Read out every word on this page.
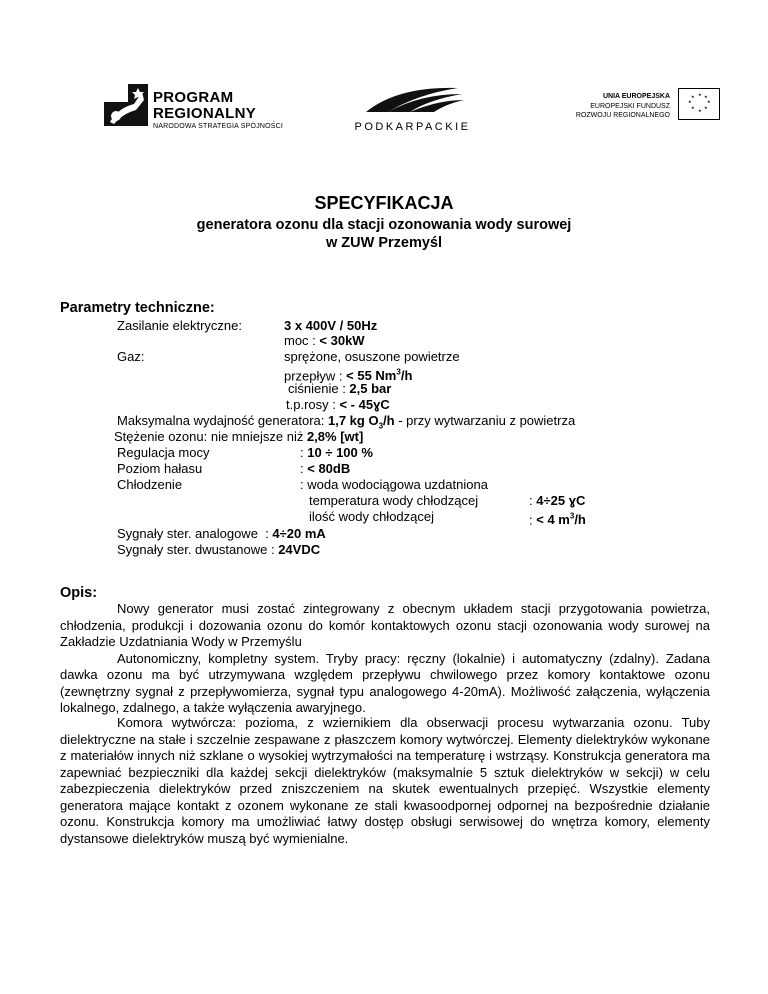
PROGRAM
REGIONALNY
NARODOWA STRATEGIA SPÓJNOŚCI	PODKARPACKIE
UNIA EUROPEJSKA
EUROPEJSKI FUNDUSZ
ROZWOJU REGIONALNEGO
★ ★
★
★
★
★
★
★
SPECYFIKACJA
generatora ozonu dla stacji ozonowania wody surowej
w ZUW Przemyśl
Parametry techniczne:
Zasilanie elektryczne:	3 x 400V / 50Hz
moc : < 30kW
Gaz:	sprężone, osuszone powietrze
przepływ : < 55 Nm$^3$/h
ciśnienie : 2,5 bar
t.p.rosy : < - 45ɣC
Maksymalna wydajność generatora: 1,7 kg $O_3/h$ - przy wytwarzaniu z powietrza
Stężenie ozonu: nie mniejsze niż 2,8% [wt]
Regulacja mocy	: 10 ÷ 100 %
Poziom hałasu	: < 80dB
Chłodzenie	: woda wodociągowa uzdatniona
temperatura wody chłodzącej	: 4÷25 ɣC
ilość wody chłodzącej	: < 4 $m^3/h$
Sygnały ster. analogowe : 4÷20 mA
Sygnały ster. dwustanowe : 24VDC
Opis:

Nowy generator musi zostać zintegrowany z obecnym układem stacji przygotowania powietrza, chłodzenia, produkcji i dozowania ozonu do komór kontaktowych ozonu stacji ozonowania wody surowej na Zakładzie Uzdatniania Wody w Przemyślu

Autonomiczny, kompletny system. Tryby pracy: ręczny (lokalnie) i automatyczny (zdalny). Zadana dawka ozonu ma być utrzymywana względem przepływu chwilowego przez komory kontaktowe ozonu (zewnętrzny sygnał z przepływomierza, sygnał typu analogowego 4-20mA). Możliwość załączenia, wyłączenia lokalnego, zdalnego, a także wyłączenia awaryjnego.

Komora wytwórcza: pozioma, z wziernikiem dla obserwacji procesu wytwarzania ozonu. Tuby dielektryczne na stałe i szczelnie zespawane z płaszczem komory wytwórczej. Elementy dielektryków wykonane z materiałów innych niż szklane o wysokiej wytrzymałości na temperaturę i wstrząsy. Konstrukcja generatora ma zapewniać bezpieczniki dla każdej sekcji dielektryków (maksymalnie 5 sztuk dielektryków w sekcji) w celu zabezpieczenia dielektryków przed zniszczeniem na skutek ewentualnych przepięć. Wszystkie elementy generatora mające kontakt z ozonem wykonane ze stali kwasoodpornej odpornej na bezpośrednie działanie ozonu. Konstrukcja komory ma umożliwiać łatwy dostęp obsługi serwisowej do wnętrza komory, elementy dystansowe dielektryków muszą być wymienialne.
